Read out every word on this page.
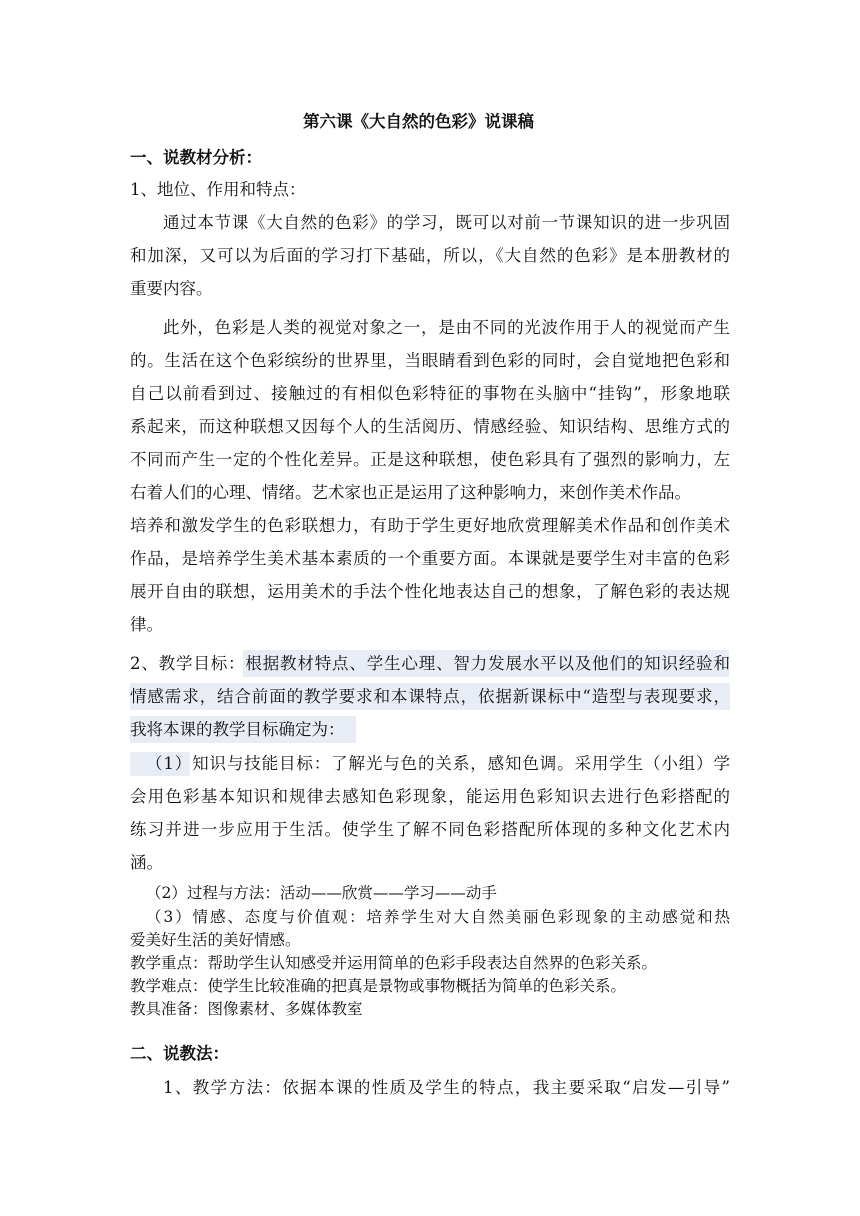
第六课《大自然的色彩》说课稿
一、说教材分析：
1、地位、作用和特点：
通过本节课《大自然的色彩》的学习，既可以对前一节课知识的进一步巩固
和加深，又可以为后面的学习打下基础，所以，《大自然的色彩》是本册教材的
重要内容。
此外，色彩是人类的视觉对象之一，是由不同的光波作用于人的视觉而产生
的。生活在这个色彩缤纷的世界里，当眼睛看到色彩的同时，会自觉地把色彩和
自己以前看到过、接触过的有相似色彩特征的事物在头脑中“挂钩”，形象地联
系起来，而这种联想又因每个人的生活阅历、情感经验、知识结构、思维方式的
不同而产生一定的个性化差异。正是这种联想，使色彩具有了强烈的影响力，左
右着人们的心理、情绪。艺术家也正是运用了这种影响力，来创作美术作品。
培养和激发学生的色彩联想力，有助于学生更好地欣赏理解美术作品和创作美术
作品，是培养学生美术基本素质的一个重要方面。本课就是要学生对丰富的色彩
展开自由的联想，运用美术的手法个性化地表达自己的想象，了解色彩的表达规
律。
2、教学目标：根据教材特点、学生心理、智力发展水平以及他们的知识经验和
情感需求，结合前面的教学要求和本课特点，依据新课标中“造型与表现要求，
我将本课的教学目标确定为：
（1）知识与技能目标：了解光与色的关系，感知色调。采用学生（小组）学
会用色彩基本知识和规律去感知色彩现象，能运用色彩知识去进行色彩搭配的
练习并进一步应用于生活。使学生了解不同色彩搭配所体现的多种文化艺术内
涵。
（2）过程与方法：活动——欣赏——学习——动手
（3）情感、态度与价值观：培养学生对大自然美丽色彩现象的主动感觉和热
爱美好生活的美好情感。
教学重点：帮助学生认知感受并运用简单的色彩手段表达自然界的色彩关系。
教学难点：使学生比较准确的把真是景物或事物概括为简单的色彩关系。
教具准备：图像素材、多媒体教室
二、说教法：
1、教学方法：依据本课的性质及学生的特点，我主要采取“启发—引导”
